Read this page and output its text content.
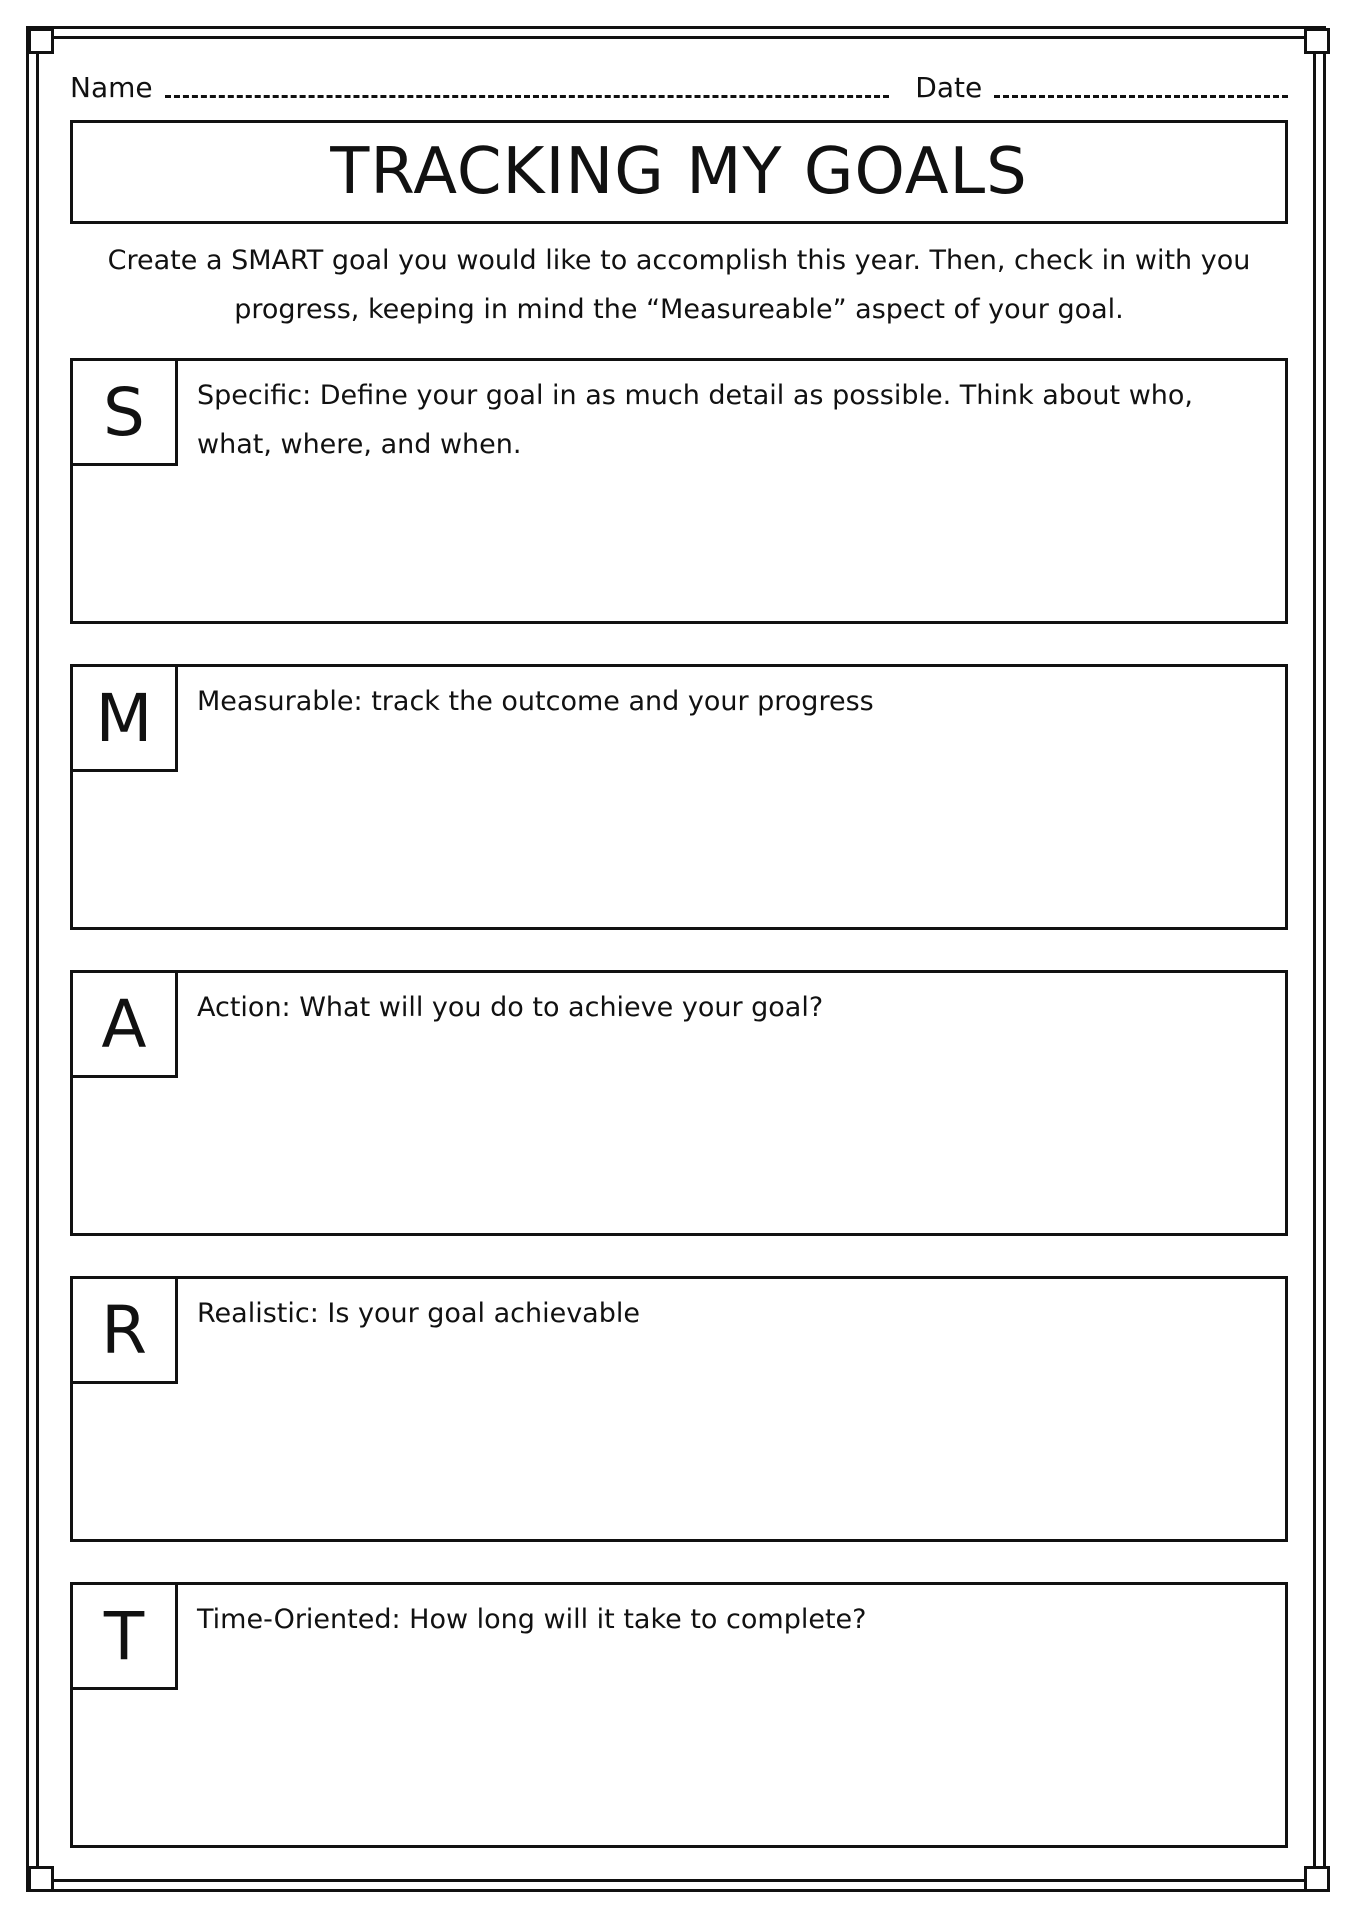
Name	Date
TRACKING MY GOALS
Create a SMART goal you would like to accomplish this year. Then, check in with you progress, keeping in mind the “Measureable” aspect of your goal.
S	Specific: Define your goal in as much detail as possible. Think about who, what, where, and when.
M	Measurable: track the outcome and your progress
A	Action: What will you do to achieve your goal?
R	Realistic: Is your goal achievable
T	Time-Oriented: How long will it take to complete?
